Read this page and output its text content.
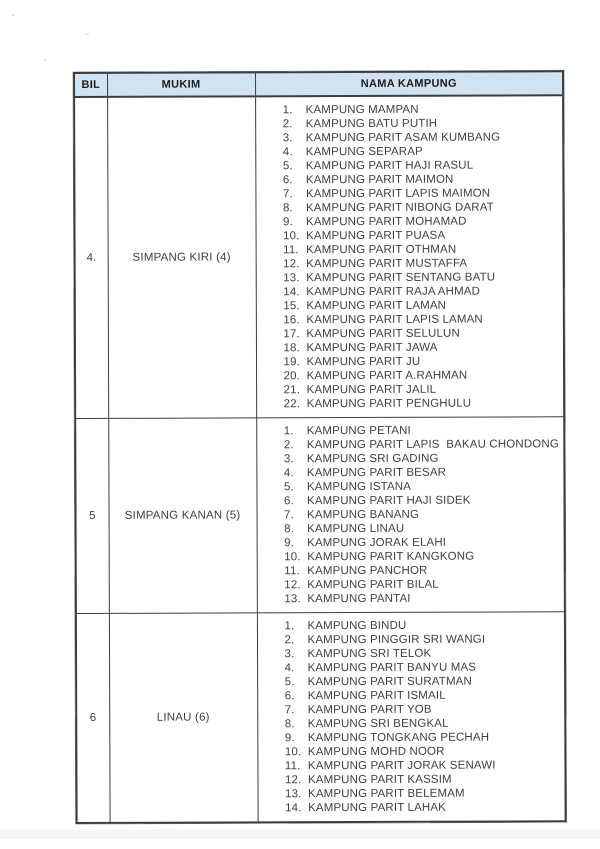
BIL	MUKIM	NAMA KAMPUNG
4.	SIMPANG KIRI (4)	
1.	KAMPUNG MAMPAN
2.	KAMPUNG BATU PUTIH
3.	KAMPUNG PARIT ASAM KUMBANG
4.	KAMPUNG SEPARAP
5.	KAMPUNG PARIT HAJI RASUL
6.	KAMPUNG PARIT MAIMON
7.	KAMPUNG PARIT LAPIS MAIMON
8.	KAMPUNG PARIT NIBONG DARAT
9.	KAMPUNG PARIT MOHAMAD
10. KAMPUNG PARIT PUASA
11. KAMPUNG PARIT OTHMAN
12. KAMPUNG PARIT MUSTAFFA
13. KAMPUNG PARIT SENTANG BATU
14. KAMPUNG PARIT RAJA AHMAD
15. KAMPUNG PARIT LAMAN
16. KAMPUNG PARIT LAPIS LAMAN
17. KAMPUNG PARIT SELULUN
18. KAMPUNG PARIT JAWA
19. KAMPUNG PARIT JU
20. KAMPUNG PARIT A.RAHMAN
21. KAMPUNG PARIT JALIL
22. KAMPUNG PARIT PENGHULU

5	SIMPANG KANAN (5)	
1.	KAMPUNG PETANI
2.	KAMPUNG PARIT LAPIS  BAKAU CHONDONG
3.	KAMPUNG SRI GADING
4.	KAMPUNG PARIT BESAR
5.	KAMPUNG ISTANA
6.	KAMPUNG PARIT HAJI SIDEK
7.	KAMPUNG BANANG
8.	KAMPUNG LINAU
9.	KAMPUNG JORAK ELAHI
10. KAMPUNG PARIT KANGKONG
11. KAMPUNG PANCHOR
12. KAMPUNG PARIT BILAL
13. KAMPUNG PANTAI

6	LINAU (6)	
1.	KAMPUNG BINDU
2.	KAMPUNG PINGGIR SRI WANGI
3.	KAMPUNG SRI TELOK
4.	KAMPUNG PARIT BANYU MAS
5.	KAMPUNG PARIT SURATMAN
6.	KAMPUNG PARIT ISMAIL
7.	KAMPUNG PARIT YOB
8.	KAMPUNG SRI BENGKAL
9.	KAMPUNG TONGKANG PECHAH
10. KAMPUNG MOHD NOOR
11. KAMPUNG PARIT JORAK SENAWI
12. KAMPUNG PARIT KASSIM
13. KAMPUNG PARIT BELEMAM
14. KAMPUNG PARIT LAHAK
